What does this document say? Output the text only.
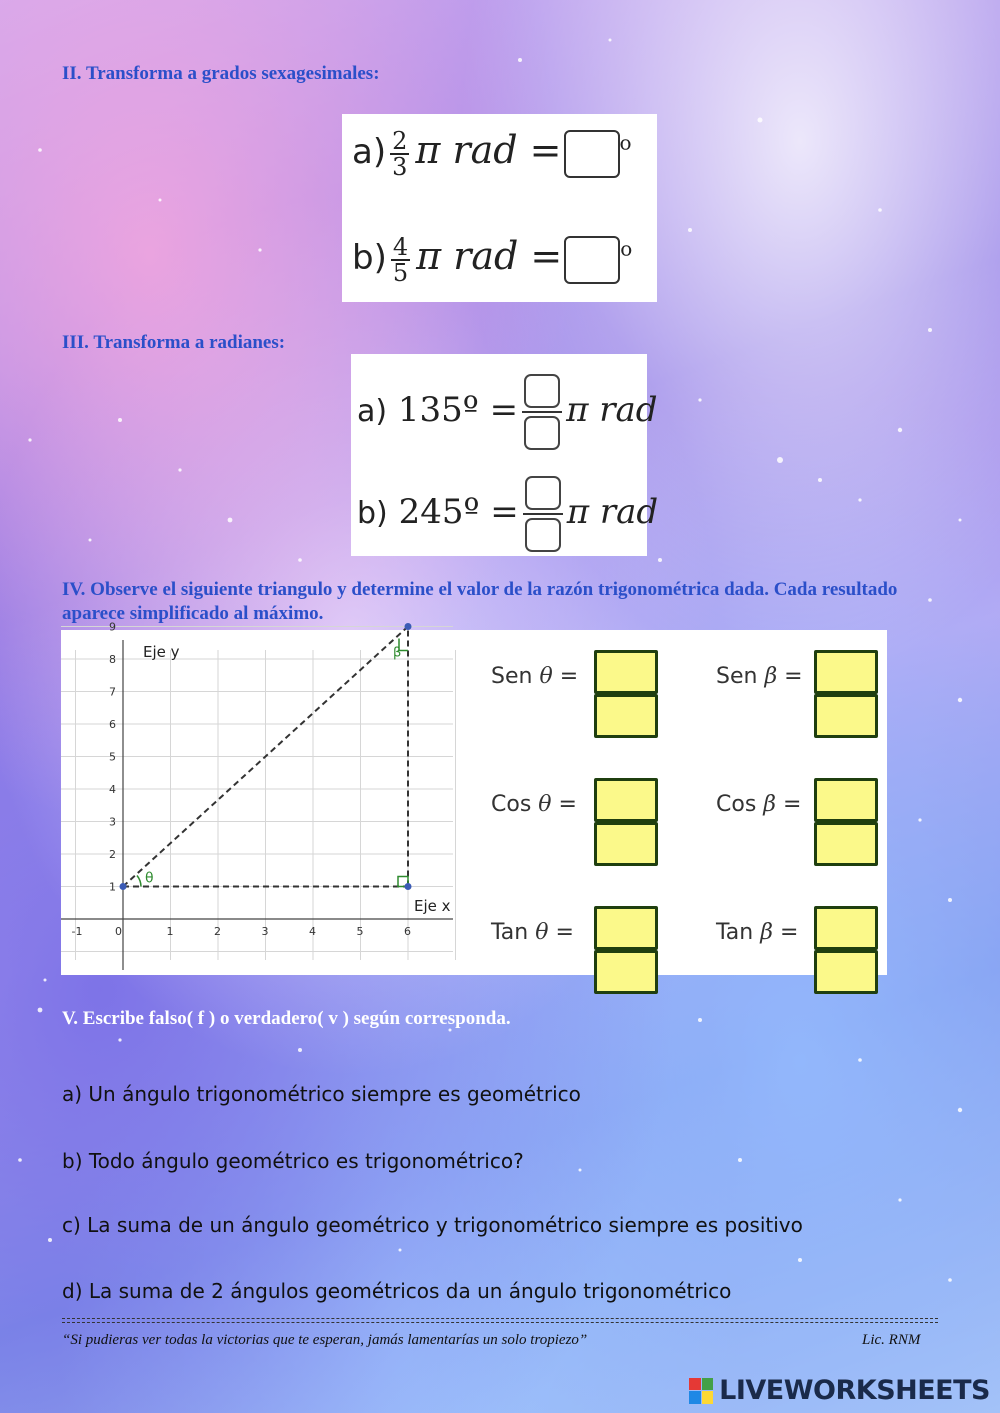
II. Transforma a grados sexagesimales:
$a) \frac{2}{3}$ π rad =	$^o$
$b) \frac{4}{5}$ π rad =	$^o$
III. Transforma a radianes:
a) 135º = π rad
b) 245º = π rad
IV. Observe el siguiente triangulo y determine el valor de la razón trigonométrica dada. Cada resultado aparece simplificado al máximo.
-1	0	1	2	3	4	5	6
1
2
3
4
5
6
7
8
9
Eje y
Eje x
θ
β
Sen θ =	Sen β =
Cos θ =	Cos β =
Tan θ =	Tan β =
V. Escribe falso( f ) o verdadero( v ) según corresponda.

a) Un ángulo trigonométrico siempre es geométrico

b) Todo ángulo geométrico es trigonométrico?

c) La suma de un ángulo geométrico y trigonométrico siempre es positivo

d) La suma de 2 ángulos geométricos da un ángulo trigonométrico

“Si pudieras ver todas la victorias que te esperan, jamás lamentarías un solo tropiezo”	Lic. RNM

LIVEWORKSHEETS
